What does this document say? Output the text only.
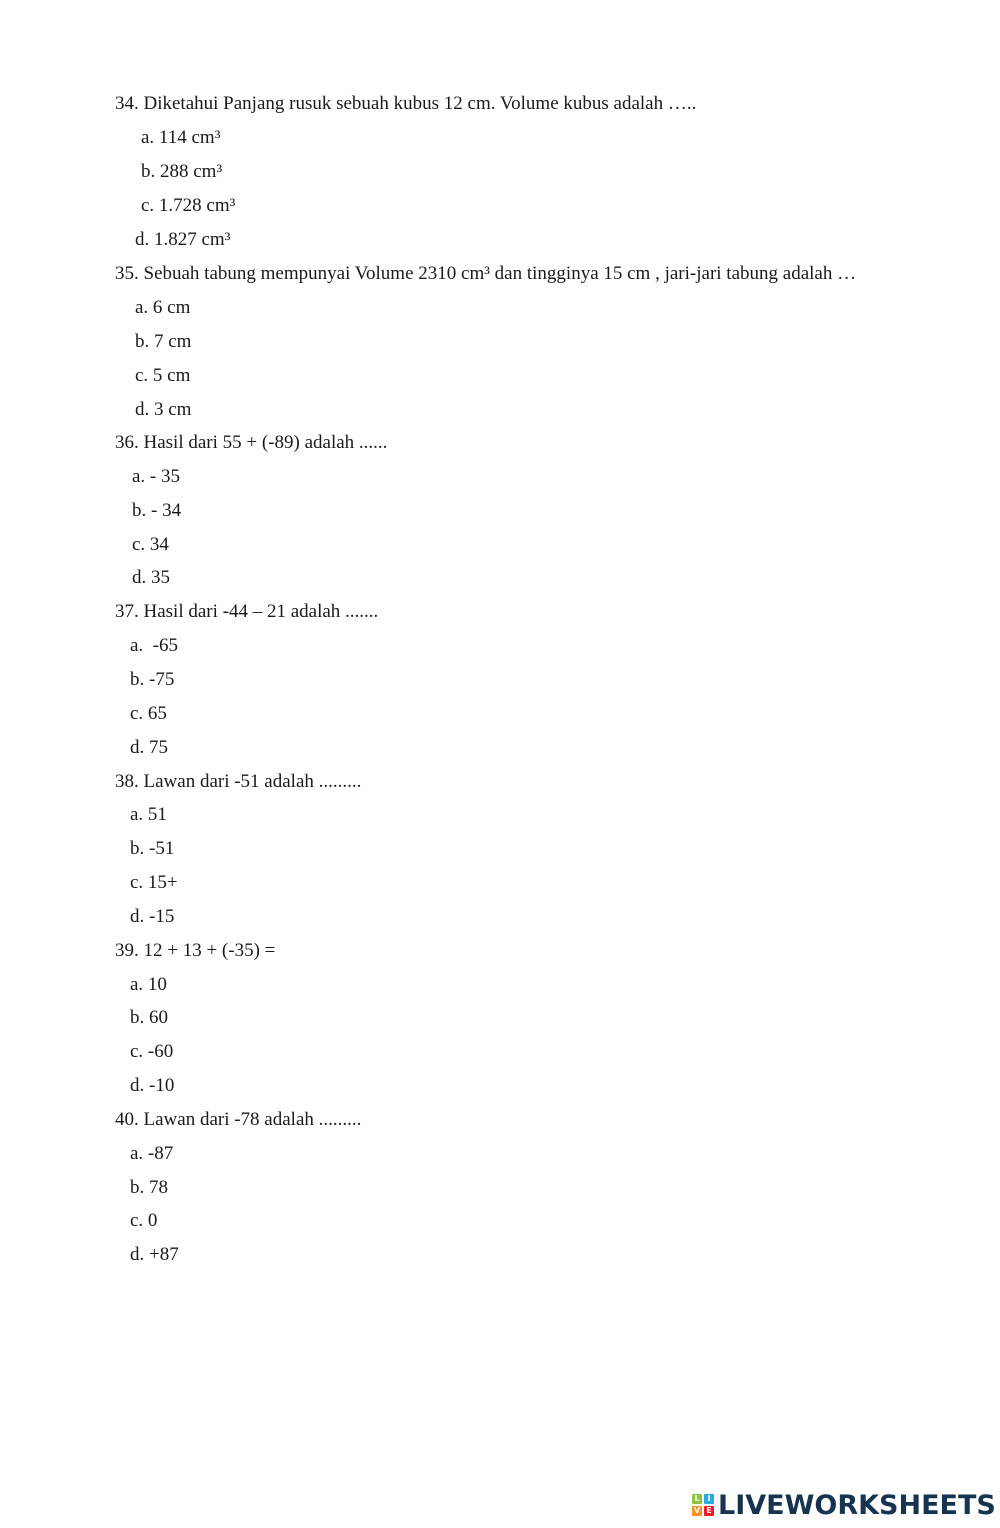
34. Diketahui Panjang rusuk sebuah kubus 12 cm. Volume kubus adalah …..
a. 114 cm³
b. 288 cm³
c. 1.728 cm³
d. 1.827 cm³
35. Sebuah tabung mempunyai Volume 2310 cm³ dan tingginya 15 cm , jari-jari tabung adalah …
a. 6 cm
b. 7 cm
c. 5 cm
d. 3 cm
36. Hasil dari 55 + (-89) adalah ......
a. - 35
b. - 34
c. 34
d. 35
37. Hasil dari -44 – 21 adalah .......
a.  -65
b. -75
c. 65
d. 75
38. Lawan dari -51 adalah .........
a. 51
b. -51
c. 15+
d. -15
39. 12 + 13 + (-35) =
a. 10
b. 60
c. -60
d. -10
40. Lawan dari -78 adalah .........
a. -87
b. 78
c. 0
d. +87
L I
V E LIVEWORKSHEETS
